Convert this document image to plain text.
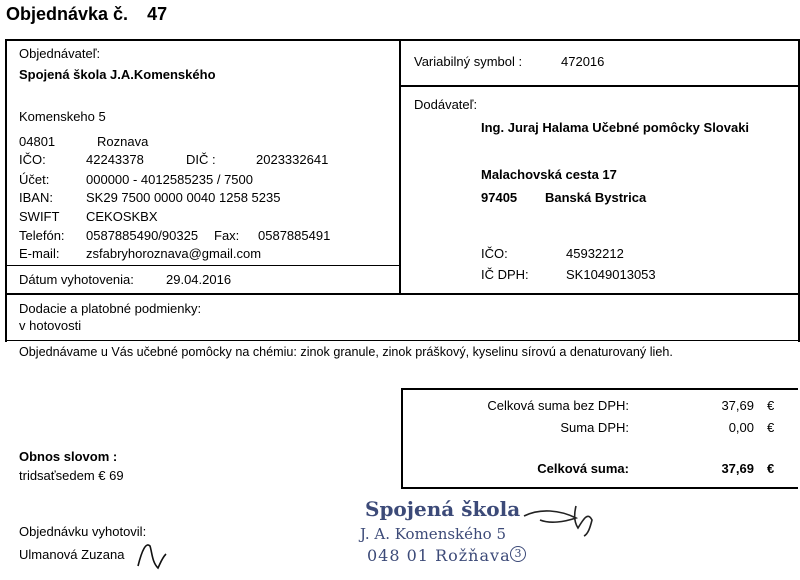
Objednávka č. 47
Objednávateľ:
Spojená škola J.A.Komenského
Komenskeho 5
04801	Roznava
IČO:	42243378	DIČ :	2023332641
Účet:	000000 - 4012585235 / 7500
IBAN:	SK29 7500 0000 0040 1258 5235
SWIFT CEKOSKBX
Telefón: 0587885490/90325 Fax: 0587885491
E-mail: zsfabryhoroznava@gmail.com
Dátum vyhotovenia: 29.04.2016
Variabilný symbol :	472016
Dodávateľ:
Ing. Juraj Halama Učebné pomôcky Slovaki
Malachovská cesta 17
97405 Banská Bystrica
IČO:	45932212
IČ DPH:	SK1049013053
Dodacie a platobné podmienky:
v hotovosti
Objednávame u Vás učebné pomôcky na chémiu: zinok granule, zinok práškový, kyselinu sírovú a denaturovaný lieh.
Celková suma bez DPH:	37,69 €
Suma DPH:	0,00 €
Celková suma:	37,69 €
Obnos slovom :
tridsaťsedem € 69
Objednávku vyhotovil:
Ulmanová Zuzana
Spojená škola
J. A. Komenského 5
048 01 Rožňava 3
